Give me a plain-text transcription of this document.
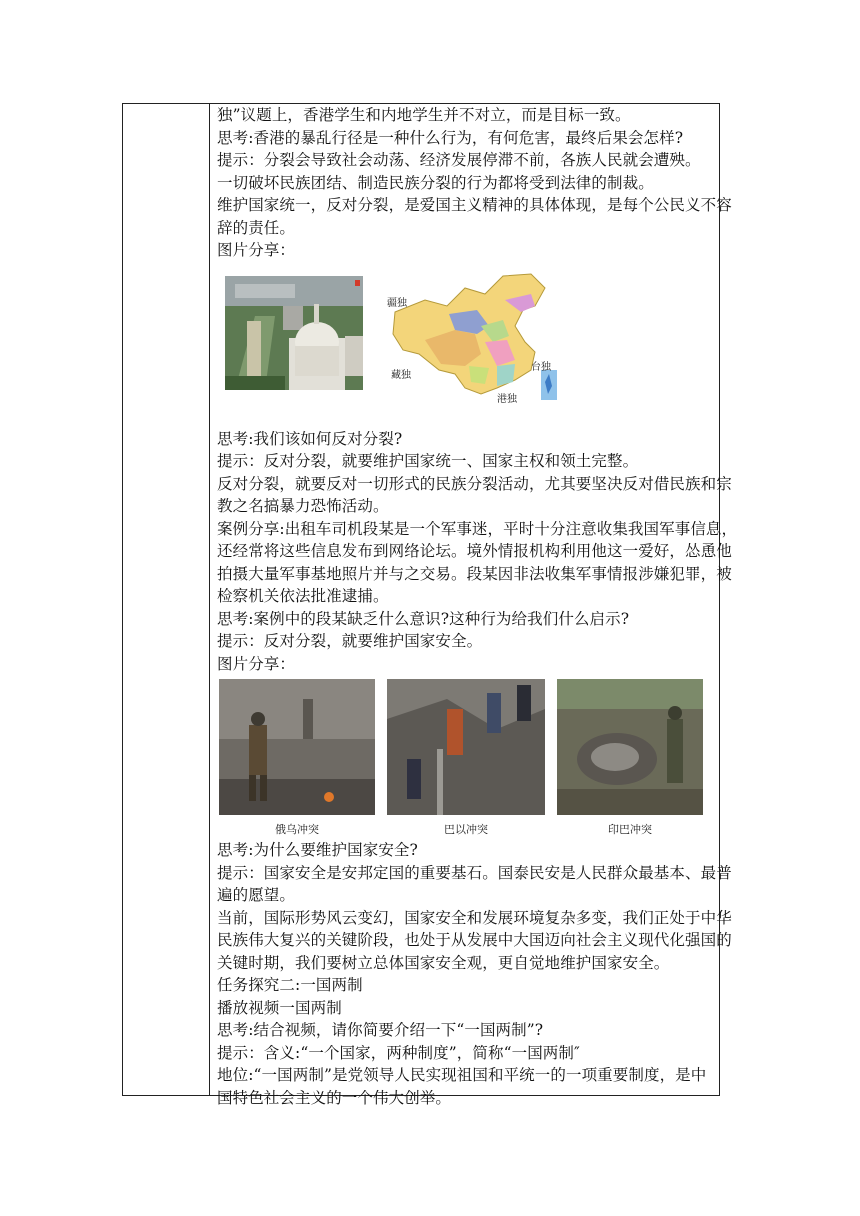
独”议题上，香港学生和内地学生并不对立，而是目标一致。

思考:香港的暴乱行径是一种什么行为，有何危害，最终后果会怎样?

提示：分裂会导致社会动荡、经济发展停滞不前，各族人民就会遭殃。

一切破坏民族团结、制造民族分裂的行为都将受到法律的制裁。

维护国家统一，反对分裂，是爱国主义精神的具体体现，是每个公民义不容

辞的责任。

图片分享：

疆独
藏独
台独
港独

思考:我们该如何反对分裂?

提示：反对分裂，就要维护国家统一、国家主权和领土完整。

反对分裂，就要反对一切形式的民族分裂活动，尤其要坚决反对借民族和宗

教之名搞暴力恐怖活动。

案例分享:出租车司机段某是一个军事迷，平时十分注意收集我国军事信息，

还经常将这些信息发布到网络论坛。境外情报机构利用他这一爱好，怂恿他

拍摄大量军事基地照片并与之交易。段某因非法收集军事情报涉嫌犯罪，被

检察机关依法批准逮捕。

思考:案例中的段某缺乏什么意识?这种行为给我们什么启示?

提示：反对分裂，就要维护国家安全。

图片分享：

俄乌冲突	巴以冲突	印巴冲突

思考:为什么要维护国家安全?

提示：国家安全是安邦定国的重要基石。国泰民安是人民群众最基本、最普

遍的愿望。

当前，国际形势风云变幻，国家安全和发展环境复杂多变，我们正处于中华

民族伟大复兴的关键阶段，也处于从发展中大国迈向社会主义现代化强国的

关键时期，我们要树立总体国家安全观，更自觉地维护国家安全。

任务探究二:一国两制

播放视频一国两制

思考:结合视频，请你简要介绍一下“一国两制”?

提示：含义:“一个国家，两种制度”，简称“一国两制″

地位:“一国两制”是党领导人民实现祖国和平统一的一项重要制度，是中

国特色社会主义的一个伟大创举。
